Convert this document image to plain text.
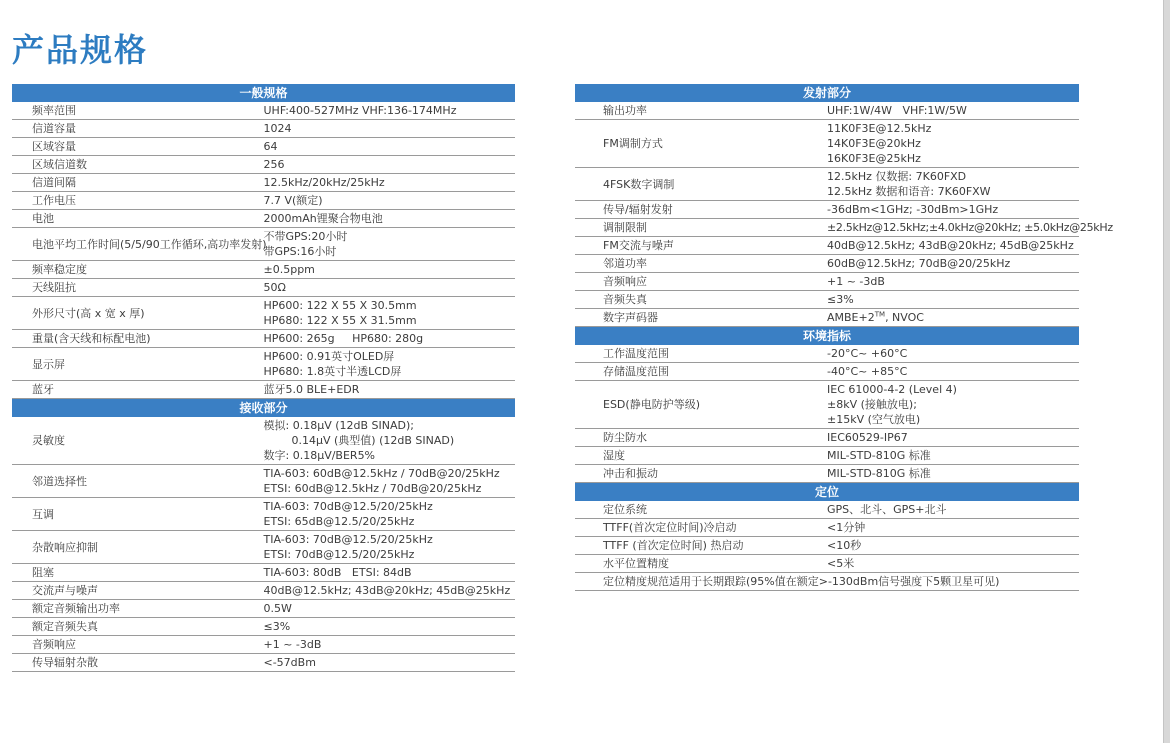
产品规格
一般规格	
频率范围	UHF:400-527MHz VHF:136-174MHz
信道容量	1024
区域容量	64
区域信道数	256
信道间隔	12.5kHz/20kHz/25kHz
工作电压	7.7 V(额定)
电池	2000mAh锂聚合物电池
电池平均工作时间(5/5/90工作循环,高功率发射)	不带GPS:20小时
带GPS:16小时

频率稳定度	±0.5ppm
天线阻抗	50Ω
外形尺寸(高 x 宽 x 厚)	HP600: 122 X 55 X 30.5mm
HP680: 122 X 55 X 31.5mm

重量(含天线和标配电池)	HP600: 265g     HP680: 280g
显示屏	HP600: 0.91英寸OLED屏
HP680: 1.8英寸半透LCD屏

蓝牙	蓝牙5.0 BLE+EDR
接收部分	
灵敏度	模拟: 0.18μV (12dB SINAD);
0.14μV (典型值) (12dB SINAD)
数字: 0.18μV/BER5%

邻道选择性	TIA-603: 60dB@12.5kHz / 70dB@20/25kHz
ETSI: 60dB@12.5kHz / 70dB@20/25kHz

互调	TIA-603: 70dB@12.5/20/25kHz
ETSI: 65dB@12.5/20/25kHz

杂散响应抑制	TIA-603: 70dB@12.5/20/25kHz
ETSI: 70dB@12.5/20/25kHz

阻塞	TIA-603: 80dB   ETSI: 84dB
交流声与噪声	40dB@12.5kHz; 43dB@20kHz; 45dB@25kHz
额定音频输出功率	0.5W
额定音频失真	≤3%
音频响应	+1 ~ -3dB
传导辐射杂散	<-57dBm
发射部分	
输出功率	UHF:1W/4W   VHF:1W/5W
FM调制方式	11K0F3E@12.5kHz
14K0F3E@20kHz
16K0F3E@25kHz

4FSK数字调制	12.5kHz 仅数据: 7K60FXD
12.5kHz 数据和语音: 7K60FXW

传导/辐射发射	-36dBm<1GHz; -30dBm>1GHz
调制限制	±2.5kHz@12.5kHz;±4.0kHz@20kHz; ±5.0kHz@25kHz
FM交流与噪声	40dB@12.5kHz; 43dB@20kHz; 45dB@25kHz
邻道功率	60dB@12.5kHz; 70dB@20/25kHz
音频响应	+1 ~ -3dB
音频失真	≤3%
数字声码器	AMBE+2™, NVOC
环境指标	
工作温度范围	-20°C~ +60°C
存储温度范围	-40°C~ +85°C
ESD(静电防护等级)	IEC 61000-4-2 (Level 4)
±8kV (接触放电);
±15kV (空气放电)

防尘防水	IEC60529-IP67
湿度	MIL-STD-810G 标准
冲击和振动	MIL-STD-810G 标准
定位	
定位系统	GPS、北斗、GPS+北斗
TTFF(首次定位时间)冷启动	<1分钟
TTFF (首次定位时间) 热启动	<10秒
水平位置精度	<5米
定位精度规范适用于长期跟踪(95%值在额定>-130dBm信号强度下5颗卫星可见)	
